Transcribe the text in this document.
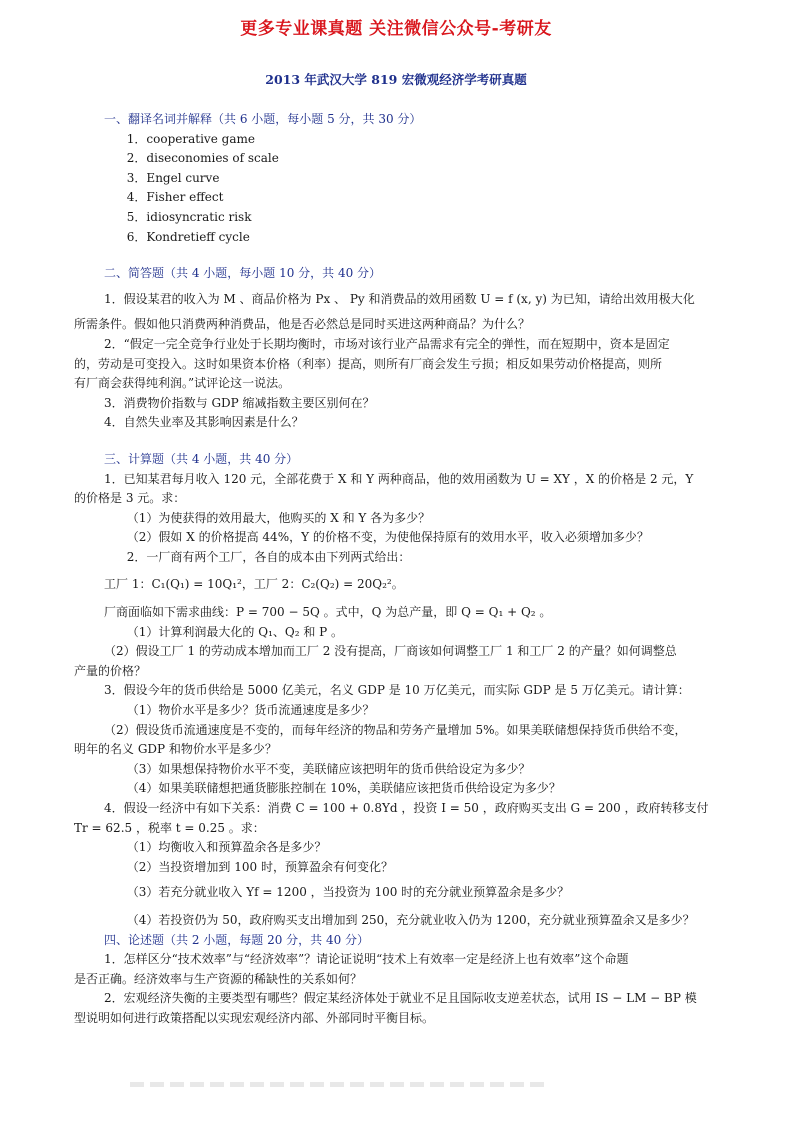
更多专业课真题 关注微信公众号-考研友
2013 年武汉大学 819 宏微观经济学考研真题

一、翻译名词并解释（共 6 小题，每小题 5 分，共 30 分）

1．cooperative game

2．diseconomies of scale

3．Engel curve

4．Fisher effect

5．idiosyncratic risk

6．Kondretieff cycle

二、简答题（共 4 小题，每小题 10 分，共 40 分）

1．假设某君的收入为 M 、商品价格为 Px 、 Py 和消费品的效用函数 U = f (x, y) 为已知，请给出效用极大化

所需条件。假如他只消费两种消费品，他是否必然总是同时买进这两种商品？为什么？

2．“假定一完全竞争行业处于长期均衡时，市场对该行业产品需求有完全的弹性，而在短期中，资本是固定

的，劳动是可变投入。这时如果资本价格（利率）提高，则所有厂商会发生亏损；相反如果劳动价格提高，则所

有厂商会获得纯利润。”试评论这一说法。

3．消费物价指数与 GDP 缩减指数主要区别何在？

4．自然失业率及其影响因素是什么？

三、计算题（共 4 小题，共 40 分）

1．已知某君每月收入 120 元，全部花费于 X 和 Y 两种商品，他的效用函数为 U = XY ，X 的价格是 2 元，Y

的价格是 3 元。求：

（1）为使获得的效用最大，他购买的 X 和 Y 各为多少？

（2）假如 X 的价格提高 44%，Y 的价格不变，为使他保持原有的效用水平，收入必须增加多少？

2．一厂商有两个工厂，各自的成本由下列两式给出：

工厂 1：C₁(Q₁) = 10Q₁²，工厂 2：C₂(Q₂) = 20Q₂²。

厂商面临如下需求曲线：P = 700 − 5Q 。式中，Q 为总产量，即 Q = Q₁ + Q₂ 。

（1）计算利润最大化的 Q₁、Q₂ 和 P 。

（2）假设工厂 1 的劳动成本增加而工厂 2 没有提高，厂商该如何调整工厂 1 和工厂 2 的产量？如何调整总

产量的价格？

3．假设今年的货币供给是 5000 亿美元，名义 GDP 是 10 万亿美元，而实际 GDP 是 5 万亿美元。请计算：

（1）物价水平是多少？货币流通速度是多少？

（2）假设货币流通速度是不变的，而每年经济的物品和劳务产量增加 5%。如果美联储想保持货币供给不变，

明年的名义 GDP 和物价水平是多少？

（3）如果想保持物价水平不变，美联储应该把明年的货币供给设定为多少？

（4）如果美联储想把通货膨胀控制在 10%，美联储应该把货币供给设定为多少？

4．假设一经济中有如下关系：消费 C = 100 + 0.8Yd ，投资 I = 50 ，政府购买支出 G = 200 ，政府转移支付

Tr = 62.5 ，税率 t = 0.25 。求：

（1）均衡收入和预算盈余各是多少？

（2）当投资增加到 100 时，预算盈余有何变化？

（3）若充分就业收入 Yf = 1200 ，当投资为 100 时的充分就业预算盈余是多少？

（4）若投资仍为 50，政府购买支出增加到 250，充分就业收入仍为 1200，充分就业预算盈余又是多少？

四、论述题（共 2 小题，每题 20 分，共 40 分）

1．怎样区分“技术效率”与“经济效率”？请论证说明“技术上有效率一定是经济上也有效率”这个命题

是否正确。经济效率与生产资源的稀缺性的关系如何？

2．宏观经济失衡的主要类型有哪些？假定某经济体处于就业不足且国际收支逆差状态，试用 IS − LM − BP 模

型说明如何进行政策搭配以实现宏观经济内部、外部同时平衡目标。
